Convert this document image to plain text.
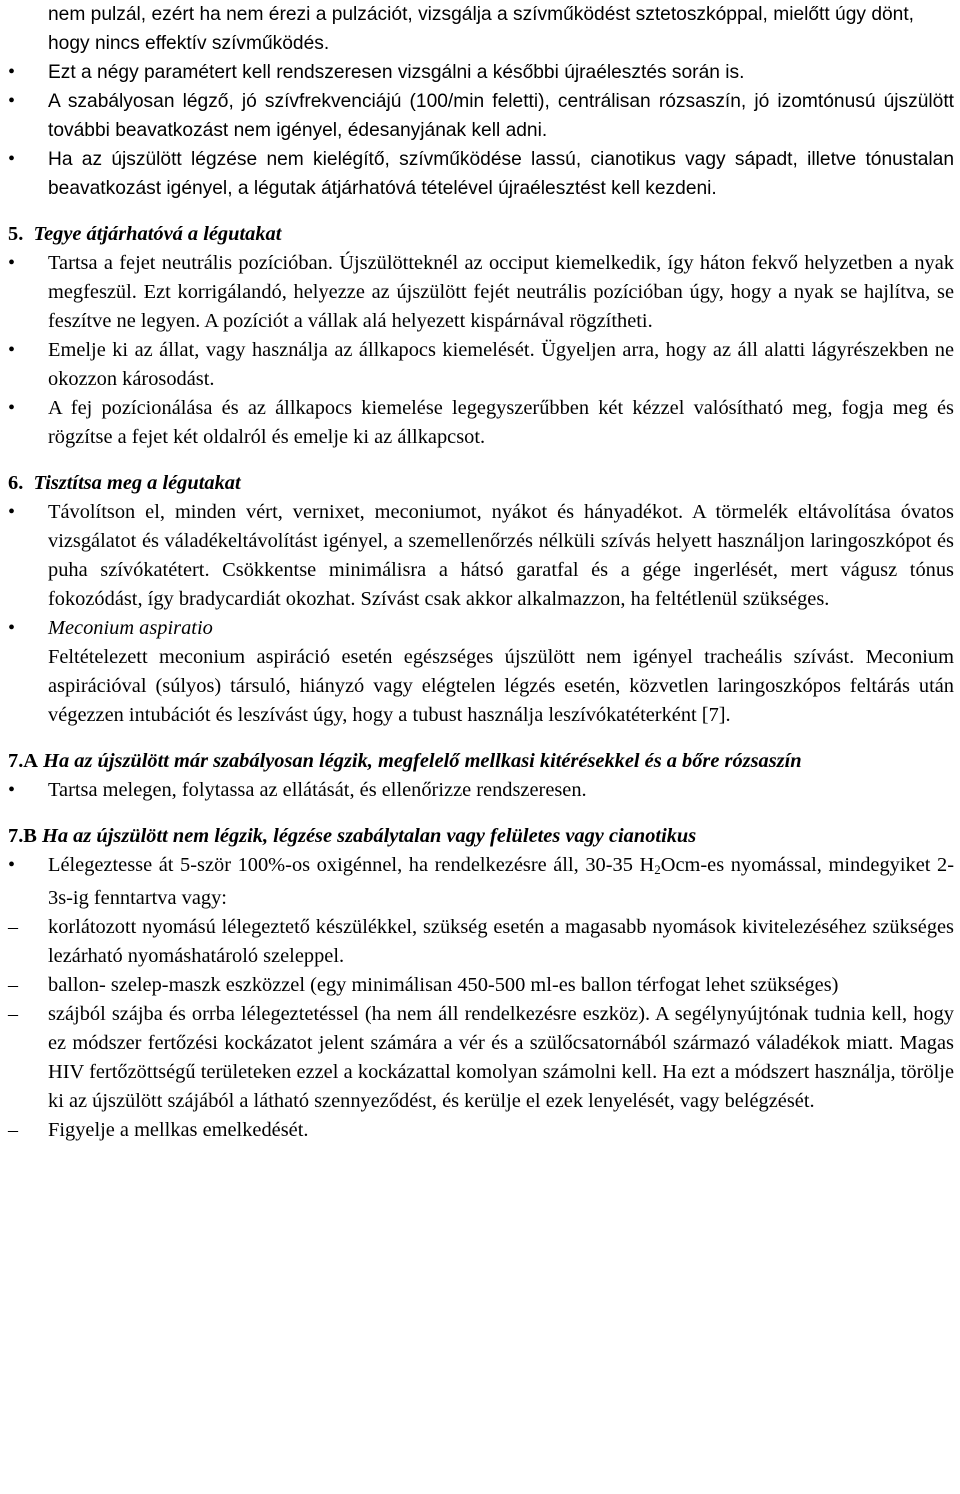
nem pulzál, ezért ha nem érezi a pulzációt, vizsgálja a szívműködést sztetoszkóppal, mielőtt úgy dönt, hogy nincs effektív szívműködés.
•
Ezt a négy paramétert kell rendszeresen vizsgálni a későbbi újraélesztés során is.
•
A szabályosan légző, jó szívfrekvenciájú (100/min feletti), centrálisan rózsaszín, jó izomtónusú újszülött további beavatkozást nem igényel, édesanyjának kell adni.
•
Ha az újszülött légzése nem kielégítő, szívműködése lassú, cianotikus vagy sápadt, illetve tónustalan beavatkozást igényel, a légutak átjárhatóvá tételével újraélesztést kell kezdeni.
5. Tegye átjárhatóvá a légutakat
•
Tartsa a fejet neutrális pozícióban. Újszülötteknél az occiput kiemelkedik, így háton fekvő helyzetben a nyak megfeszül. Ezt korrigálandó, helyezze az újszülött fejét neutrális pozícióban úgy, hogy a nyak se hajlítva, se feszítve ne legyen. A pozíciót a vállak alá helyezett kispárnával rögzítheti.
•
Emelje ki az állat, vagy használja az állkapocs kiemelését. Ügyeljen arra, hogy az áll alatti lágyrészekben ne okozzon károsodást.
•
A fej pozícionálása és az állkapocs kiemelése legegyszerűbben két kézzel valósítható meg, fogja meg és rögzítse a fejet két oldalról és emelje ki az állkapcsot.
6. Tisztítsa meg a légutakat
•
Távolítson el, minden vért, vernixet, meconiumot, nyákot és hányadékot. A törmelék eltávolítása óvatos vizsgálatot és váladékeltávolítást igényel, a szemellenőrzés nélküli szívás helyett használjon laringoszkópot és puha szívókatétert. Csökkentse minimálisra a hátsó garatfal és a gége ingerlését, mert vágusz tónus fokozódást, így bradycardiát okozhat. Szívást csak akkor alkalmazzon, ha feltétlenül szükséges.
•
Meconium aspiratio
Feltételezett meconium aspiráció esetén egészséges újszülött nem igényel tracheális szívást. Meconium aspirációval (súlyos) társuló, hiányzó vagy elégtelen légzés esetén, közvetlen laringoszkópos feltárás után végezzen intubációt és leszívást úgy, hogy a tubust használja leszívókatéterként [7].
7.A Ha az újszülött már szabályosan légzik, megfelelő mellkasi kitérésekkel és a bőre rózsaszín
•
Tartsa melegen, folytassa az ellátását, és ellenőrizze rendszeresen.
7.B Ha az újszülött nem légzik, légzése szabálytalan vagy felületes vagy cianotikus
•
Lélegeztesse át 5-ször 100%-os oxigénnel, ha rendelkezésre áll, 30-35 $H_2Ocm-es$ nyomással, mindegyiket 2-3s-ig fenntartva vagy:
–
korlátozott nyomású lélegeztető készülékkel, szükség esetén a magasabb nyomások kivitelezéséhez szükséges lezárható nyomáshatároló szeleppel.
–
ballon- szelep-maszk eszközzel (egy minimálisan 450-500 ml-es ballon térfogat lehet szükséges)
–
szájból szájba és orrba lélegeztetéssel (ha nem áll rendelkezésre eszköz). A segélynyújtónak tudnia kell, hogy ez módszer fertőzési kockázatot jelent számára a vér és a szülőcsatornából származó váladékok miatt. Magas HIV fertőzöttségű területeken ezzel a kockázattal komolyan számolni kell. Ha ezt a módszert használja, törölje ki az újszülött szájából a látható szennyeződést, és kerülje el ezek lenyelését, vagy belégzését.
–
Figyelje a mellkas emelkedését.
